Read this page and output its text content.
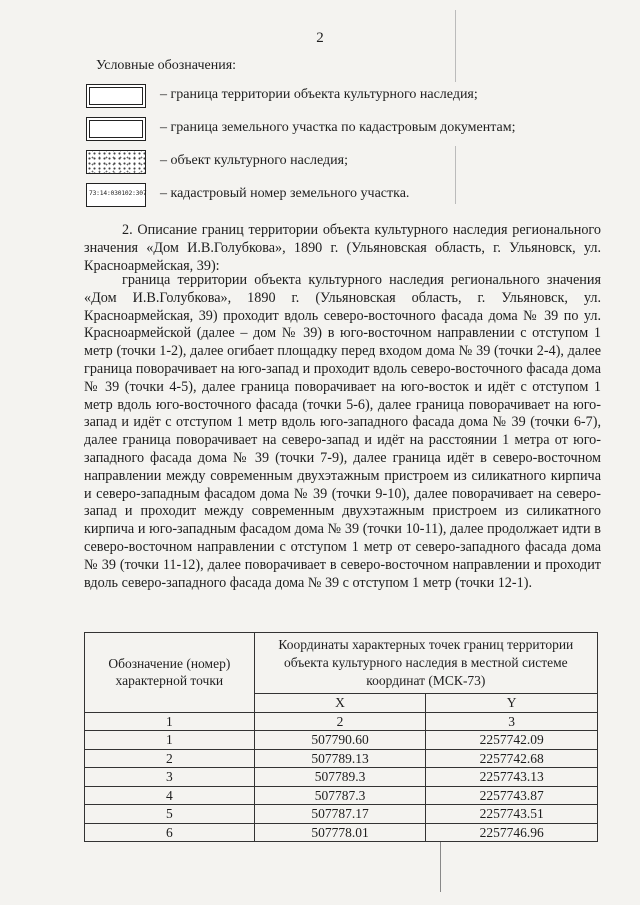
2
Условные обозначения:
– граница территории объекта культурного наследия;
– граница земельного участка по кадастровым документам;
– объект культурного наследия;
73:14:030102:307 – кадастровый номер земельного участка.
2. Описание границ территории объекта культурного наследия регионального значения «Дом И.В.Голубкова», 1890 г. (Ульяновская область, г. Ульяновск, ул. Красноармейская, 39):
граница территории объекта культурного наследия регионального значения «Дом И.В.Голубкова», 1890 г. (Ульяновская область, г. Ульяновск, ул. Красноармейская, 39) проходит вдоль северо-восточного фасада дома № 39 по ул. Красноармейской (далее – дом № 39) в юго-восточном направлении с отступом 1 метр (точки 1-2), далее огибает площадку перед входом дома № 39 (точки 2-4), далее граница поворачивает на юго-запад и проходит вдоль северо-восточного фасада дома № 39 (точки 4-5), далее граница поворачивает на юго-восток и идёт с отступом 1 метр вдоль юго-восточного фасада (точки 5-6), далее граница поворачивает на юго-запад и идёт с отступом 1 метр вдоль юго-западного фасада дома № 39 (точки 6-7), далее граница поворачивает на северо-запад и идёт на расстоянии 1 метра от юго-западного фасада дома № 39 (точки 7-9), далее граница идёт в северо-восточном направлении между современным двухэтажным пристроем из силикатного кирпича и северо-западным фасадом дома № 39 (точки 9-10), далее поворачивает на северо-запад и проходит между современным двухэтажным пристроем из силикатного кирпича и юго-западным фасадом дома № 39 (точки 10-11), далее продолжает идти в северо-восточном направлении с отступом 1 метр от северо-западного фасада дома № 39 (точки 11-12), далее поворачивает в северо-восточном направлении и проходит вдоль северо-западного фасада дома № 39 с отступом 1 метр (точки 12-1).
Обозначение (номер) характерной точки	Координаты характерных точек границ территории объекта культурного наследия в местной системе координат (МСК-73)	
	X	Y
1	2	3
1	507790.60	2257742.09
2	507789.13	2257742.68
3	507789.3	2257743.13
4	507787.3	2257743.87
5	507787.17	2257743.51
6	507778.01	2257746.96
